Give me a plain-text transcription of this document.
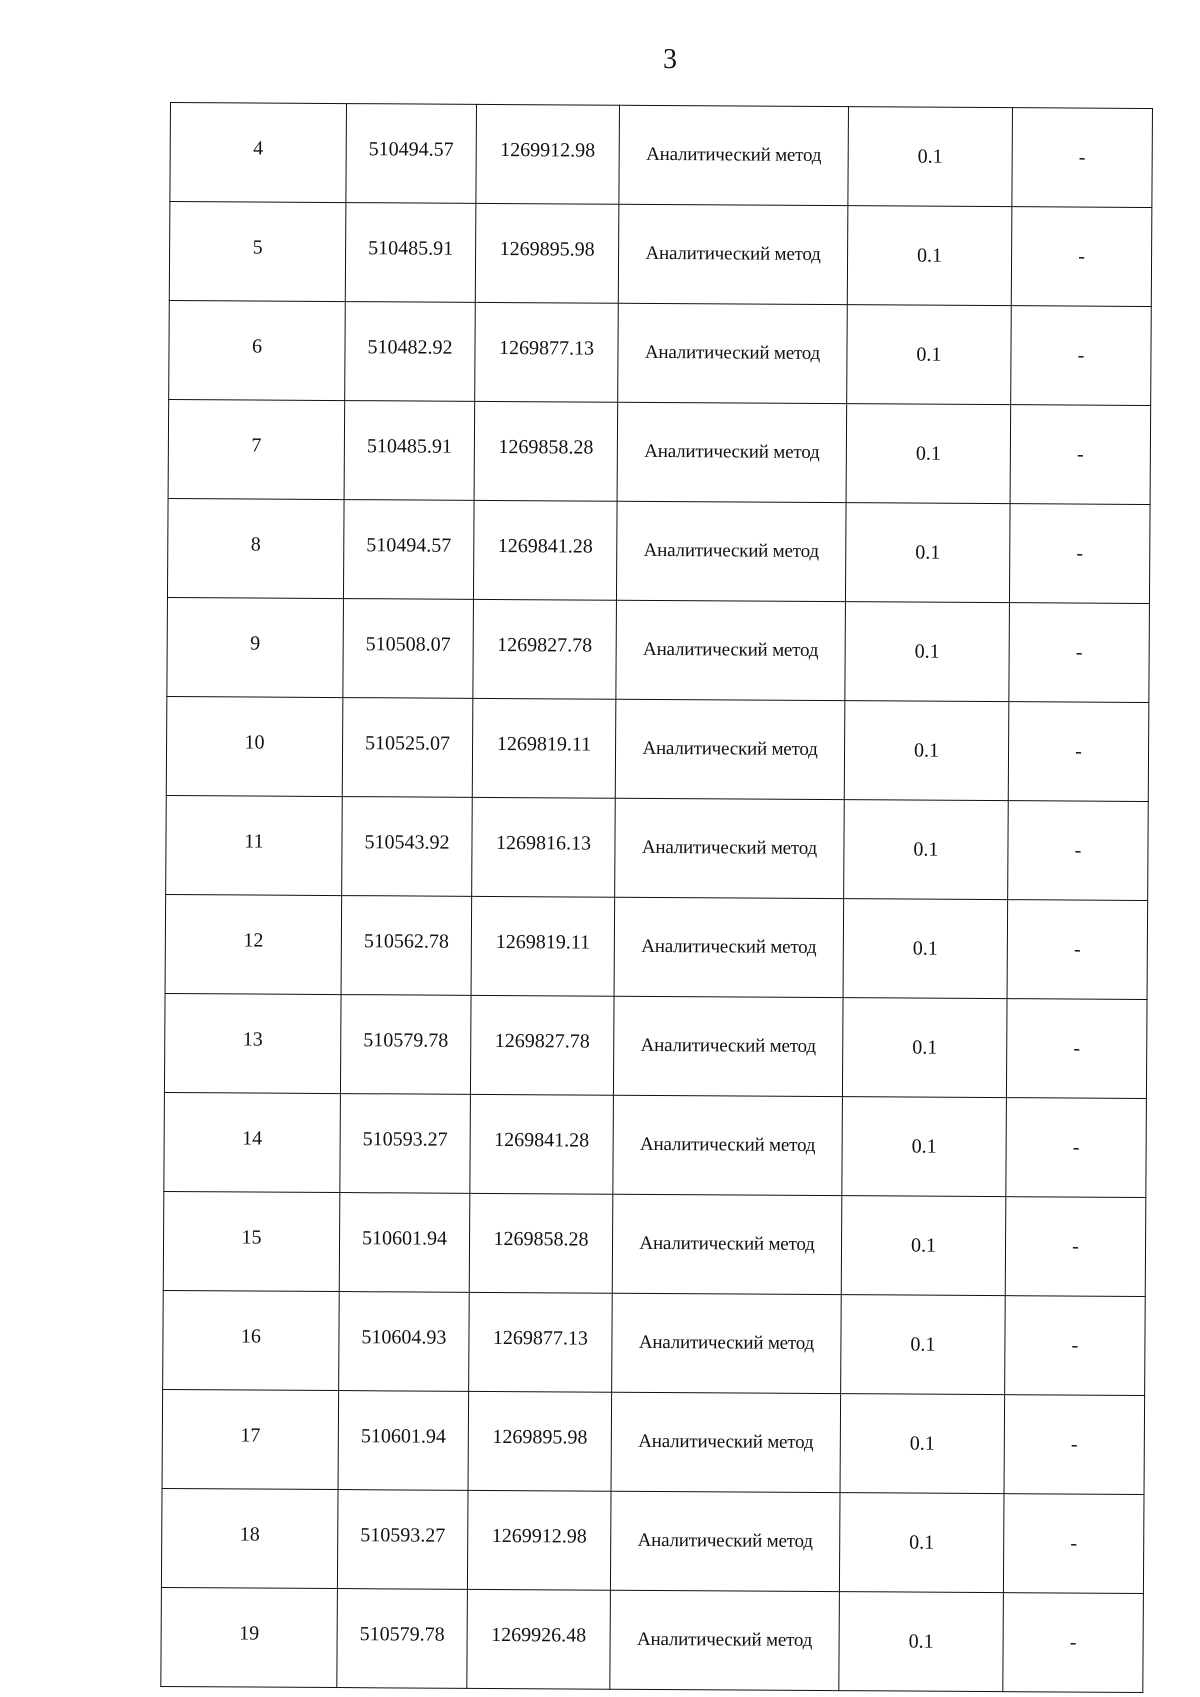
3
4	510494.57	1269912.98	Аналитический метод	0.1	-
5	510485.91	1269895.98	Аналитический метод	0.1	-
6	510482.92	1269877.13	Аналитический метод	0.1	-
7	510485.91	1269858.28	Аналитический метод	0.1	-
8	510494.57	1269841.28	Аналитический метод	0.1	-
9	510508.07	1269827.78	Аналитический метод	0.1	-
10	510525.07	1269819.11	Аналитический метод	0.1	-
11	510543.92	1269816.13	Аналитический метод	0.1	-
12	510562.78	1269819.11	Аналитический метод	0.1	-
13	510579.78	1269827.78	Аналитический метод	0.1	-
14	510593.27	1269841.28	Аналитический метод	0.1	-
15	510601.94	1269858.28	Аналитический метод	0.1	-
16	510604.93	1269877.13	Аналитический метод	0.1	-
17	510601.94	1269895.98	Аналитический метод	0.1	-
18	510593.27	1269912.98	Аналитический метод	0.1	-
19	510579.78	1269926.48	Аналитический метод	0.1	-
